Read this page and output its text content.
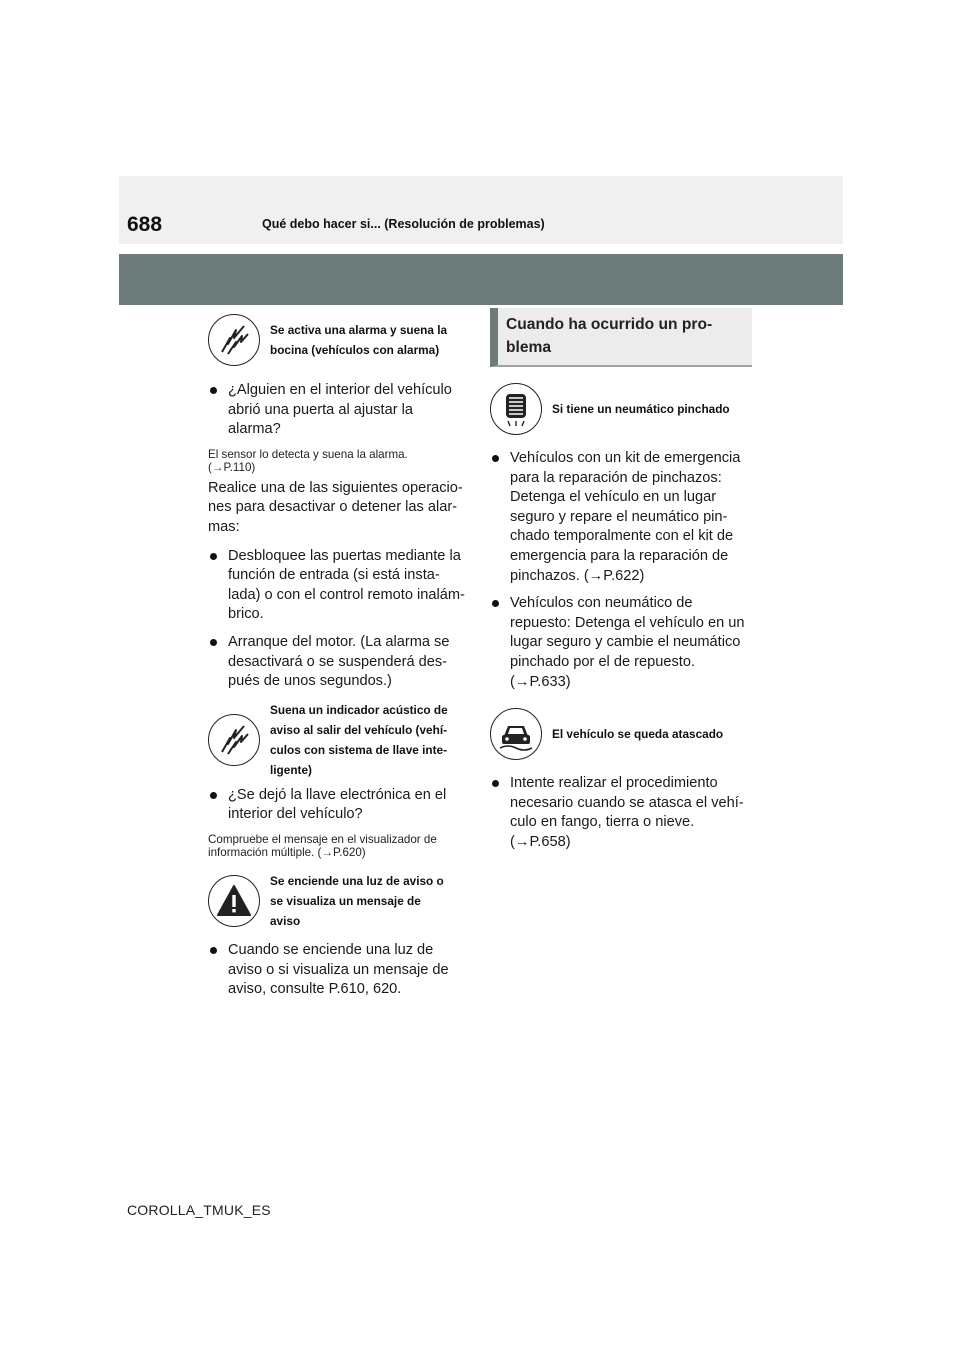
688	Qué debo hacer si... (Resolución de problemas)
Se activa una alarma y suena la
bocina (vehículos con alarma)
¿Alguien en el interior del vehículo
abrió una puerta al ajustar la
alarma?

El sensor lo detecta y suena la alarma.

(→P.110)

Realice una de las siguientes operacio-

nes para desactivar o detener las alar-

mas:

Desbloquee las puertas mediante la
función de entrada (si está insta-
lada) o con el control remoto inalám-
brico.
Arranque del motor. (La alarma se
desactivará o se suspenderá des-
pués de unos segundos.)
Suena un indicador acústico de
aviso al salir del vehículo (vehí-
culos con sistema de llave inte-
ligente)
¿Se dejó la llave electrónica en el
interior del vehículo?

Compruebe el mensaje en el visualizador de

información múltiple. (→P.620)

Se enciende una luz de aviso o
se visualiza un mensaje de
aviso
Cuando se enciende una luz de
aviso o si visualiza un mensaje de
aviso, consulte P.610, 620.
Cuando ha ocurrido un pro-
blema
Si tiene un neumático pinchado
Vehículos con un kit de emergencia
para la reparación de pinchazos:
Detenga el vehículo en un lugar
seguro y repare el neumático pin-
chado temporalmente con el kit de
emergencia para la reparación de
pinchazos. (→P.622)
Vehículos con neumático de
repuesto: Detenga el vehículo en un
lugar seguro y cambie el neumático
pinchado por el de repuesto.
(→P.633)
El vehículo se queda atascado
Intente realizar el procedimiento
necesario cuando se atasca el vehí-
culo en fango, tierra o nieve.
(→P.658)
COROLLA_TMUK_ES
